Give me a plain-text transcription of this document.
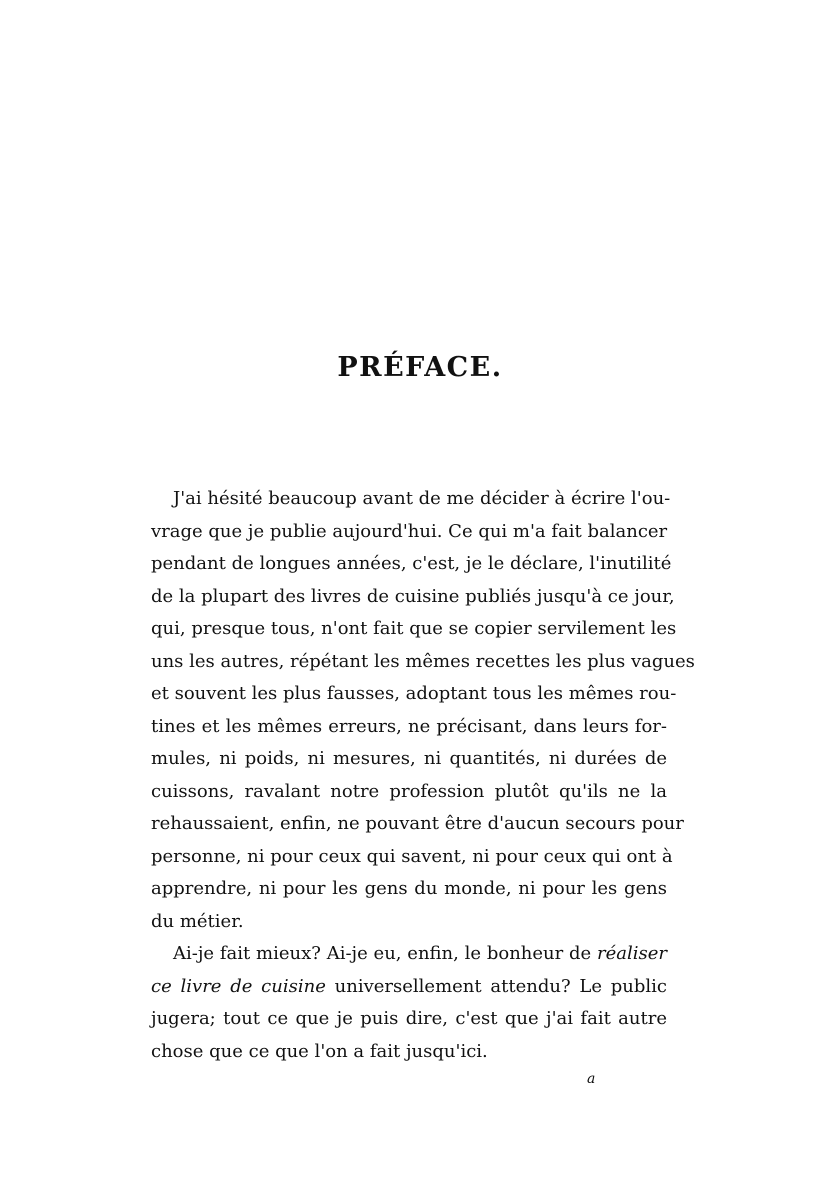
PRÉFACE.
J'ai hésité beaucoup avant de me décider à écrire l'ou-
vrage que je publie aujourd'hui. Ce qui m'a fait balancer
pendant de longues années, c'est, je le déclare, l'inutilité
de la plupart des livres de cuisine publiés jusqu'à ce jour,
qui, presque tous, n'ont fait que se copier servilement les
uns les autres, répétant les mêmes recettes les plus vagues
et souvent les plus fausses, adoptant tous les mêmes rou-
tines et les mêmes erreurs, ne précisant, dans leurs for-
mules, ni poids, ni mesures, ni quantités, ni durées de
cuissons, ravalant notre profession plutôt qu'ils ne la
rehaussaient, enfin, ne pouvant être d'aucun secours pour
personne, ni pour ceux qui savent, ni pour ceux qui ont à
apprendre, ni pour les gens du monde, ni pour les gens
du métier.
Ai-je fait mieux? Ai-je eu, enfin, le bonheur de réaliser
ce livre de cuisine universellement attendu? Le public
jugera; tout ce que je puis dire, c'est que j'ai fait autre
chose que ce que l'on a fait jusqu'ici.

a
